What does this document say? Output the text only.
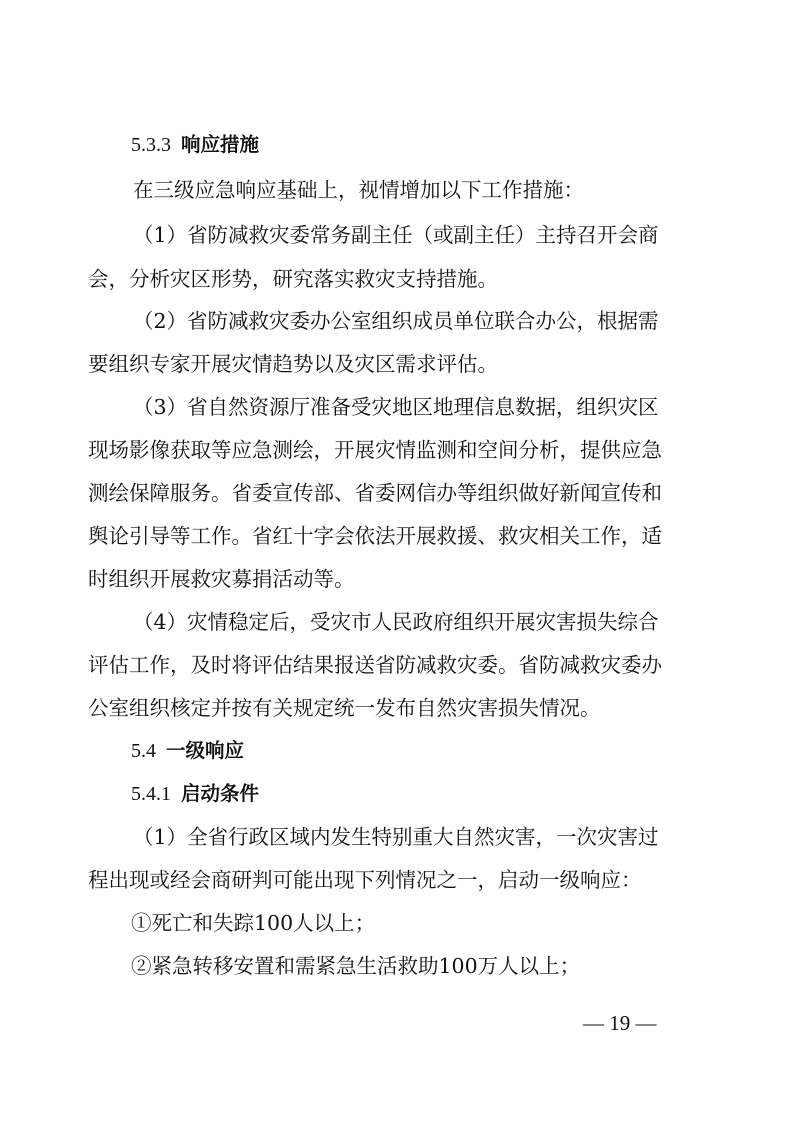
5.3.3 响应措施
在三级应急响应基础上，视情增加以下工作措施：
（1）省防减救灾委常务副主任（或副主任）主持召开会商
会，分析灾区形势，研究落实救灾支持措施。
（2）省防减救灾委办公室组织成员单位联合办公，根据需
要组织专家开展灾情趋势以及灾区需求评估。
（3）省自然资源厅准备受灾地区地理信息数据，组织灾区
现场影像获取等应急测绘，开展灾情监测和空间分析，提供应急
测绘保障服务。省委宣传部、省委网信办等组织做好新闻宣传和
舆论引导等工作。省红十字会依法开展救援、救灾相关工作，适
时组织开展救灾募捐活动等。
（4）灾情稳定后，受灾市人民政府组织开展灾害损失综合
评估工作，及时将评估结果报送省防减救灾委。省防减救灾委办
公室组织核定并按有关规定统一发布自然灾害损失情况。
5.4 一级响应
5.4.1 启动条件
（1）全省行政区域内发生特别重大自然灾害，一次灾害过
程出现或经会商研判可能出现下列情况之一，启动一级响应：
①死亡和失踪100人以上；
②紧急转移安置和需紧急生活救助100万人以上；
— 19 —
